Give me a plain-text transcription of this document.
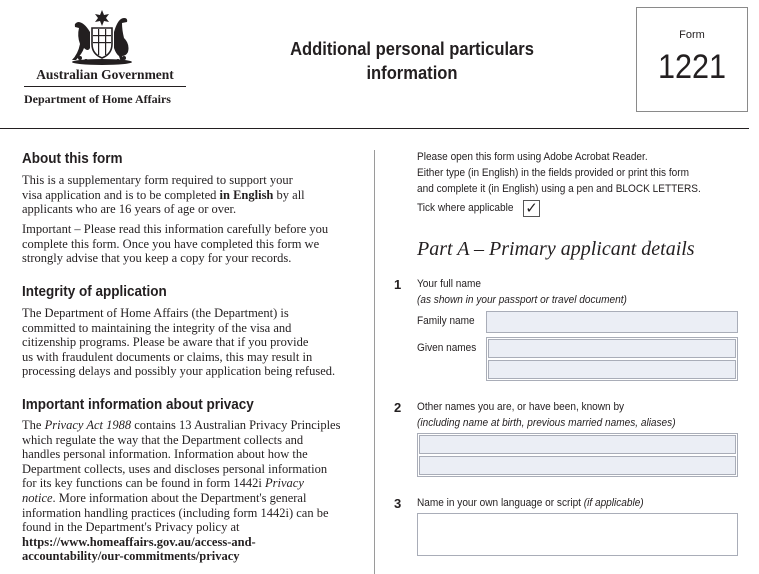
Australian Government
Department of Home Affairs
Additional personal particulars
information
Form
1221
About this form
This is a supplementary form required to support your
visa application and is to be completed in English by all
applicants who are 16 years of age or over.
Important – Please read this information carefully before you
complete this form. Once you have completed this form we
strongly advise that you keep a copy for your records.
Integrity of application
The Department of Home Affairs (the Department) is
committed to maintaining the integrity of the visa and
citizenship programs. Please be aware that if you provide
us with fraudulent documents or claims, this may result in
processing delays and possibly your application being refused.
Important information about privacy
The Privacy Act 1988 contains 13 Australian Privacy Principles
which regulate the way that the Department collects and
handles personal information. Information about how the
Department collects, uses and discloses personal information
for its key functions can be found in form 1442i Privacy
notice. More information about the Department's general
information handling practices (including form 1442i) can be
found in the Department's Privacy policy at
https://www.homeaffairs.gov.au/access-and-
accountability/our-commitments/privacy
Please open this form using Adobe Acrobat Reader.
Either type (in English) in the fields provided or print this form
and complete it (in English) using a pen and BLOCK LETTERS.
Tick where applicable ✓
Part A – Primary applicant details
1 Your full name
(as shown in your passport or travel document)
Family name
Given names
2 Other names you are, or have been, known by
(including name at birth, previous married names, aliases)
3 Name in your own language or script (if applicable)
